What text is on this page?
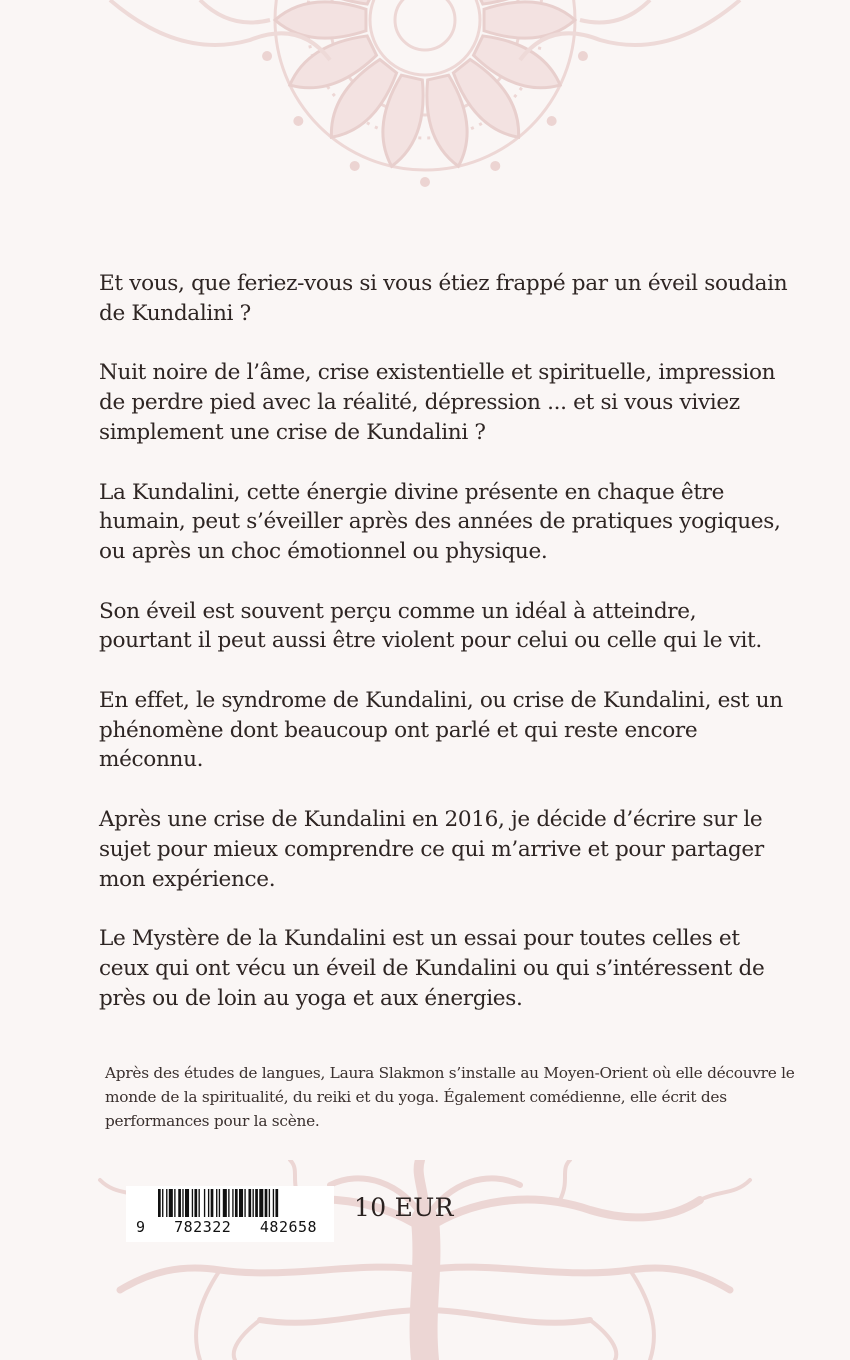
Et vous, que feriez-vous si vous étiez frappé par un éveil soudain de Kundalini ?

Nuit noire de l’âme, crise existentielle et spirituelle, impression de perdre pied avec la réalité, dépression ... et si vous viviez simplement une crise de Kundalini ?

La Kundalini, cette énergie divine présente en chaque être humain, peut s’éveiller après des années de pratiques yogiques, ou après un choc émotionnel ou physique.

Son éveil est souvent perçu comme un idéal à atteindre, pourtant il peut aussi être violent pour celui ou celle qui le vit.

En effet, le syndrome de Kundalini, ou crise de Kundalini, est un phénomène dont beaucoup ont parlé et qui reste encore méconnu.

Après une crise de Kundalini en 2016, je décide d’écrire sur le sujet pour mieux comprendre ce qui m’arrive et pour partager mon expérience.

Le Mystère de la Kundalini est un essai pour toutes celles et ceux qui ont vécu un éveil de Kundalini ou qui s’intéressent de près ou de loin au yoga et aux énergies.

Après des études de langues, Laura Slakmon s’installe au Moyen-Orient où elle découvre le monde de la spiritualité, du reiki et du yoga. Également comédienne, elle écrit des performances pour la scène.

9   782322   482658
10 EUR
